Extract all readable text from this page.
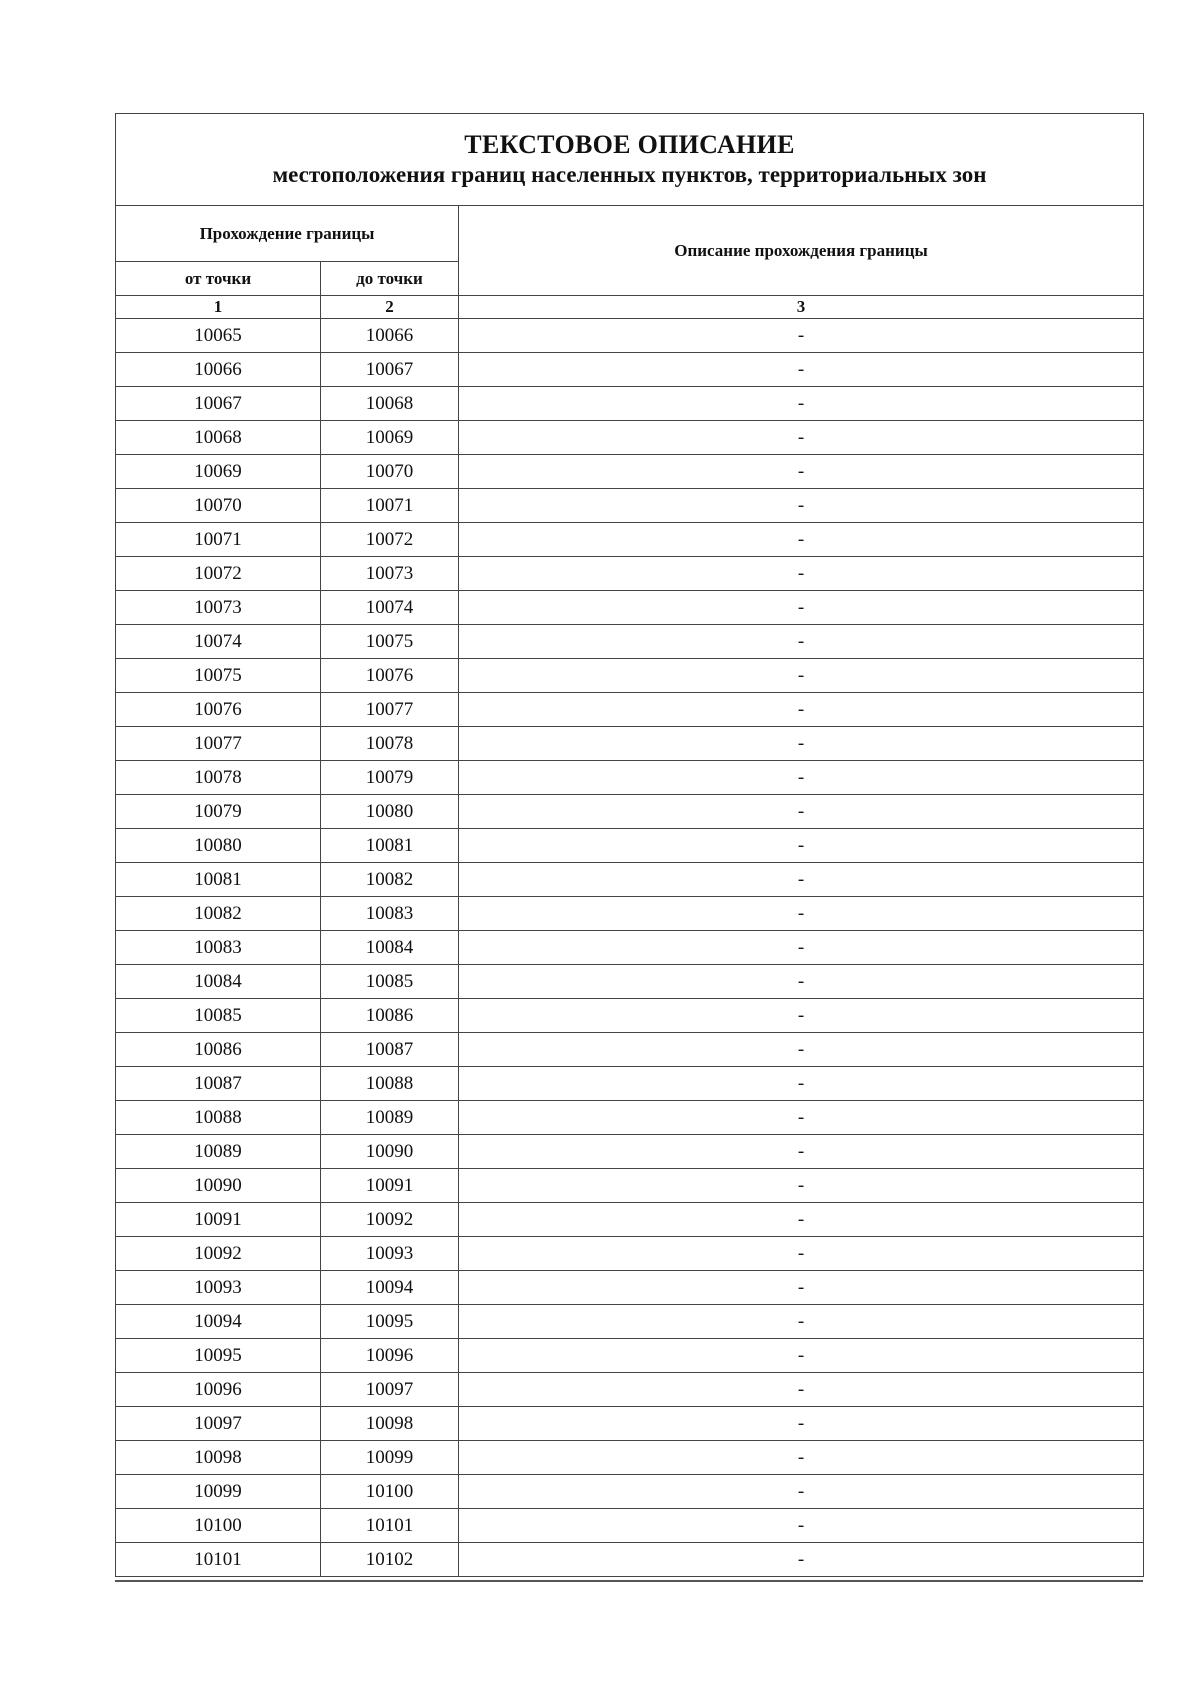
ТЕКСТОВОЕ ОПИСАНИЕ
местоположения границ населенных пунктов, территориальных зон		

Прохождение границы		Описание прохождения границы
от точки	до точки	
1	2	3
10065	10066	-
10066	10067	-
10067	10068	-
10068	10069	-
10069	10070	-
10070	10071	-
10071	10072	-
10072	10073	-
10073	10074	-
10074	10075	-
10075	10076	-
10076	10077	-
10077	10078	-
10078	10079	-
10079	10080	-
10080	10081	-
10081	10082	-
10082	10083	-
10083	10084	-
10084	10085	-
10085	10086	-
10086	10087	-
10087	10088	-
10088	10089	-
10089	10090	-
10090	10091	-
10091	10092	-
10092	10093	-
10093	10094	-
10094	10095	-
10095	10096	-
10096	10097	-
10097	10098	-
10098	10099	-
10099	10100	-
10100	10101	-
10101	10102	-
